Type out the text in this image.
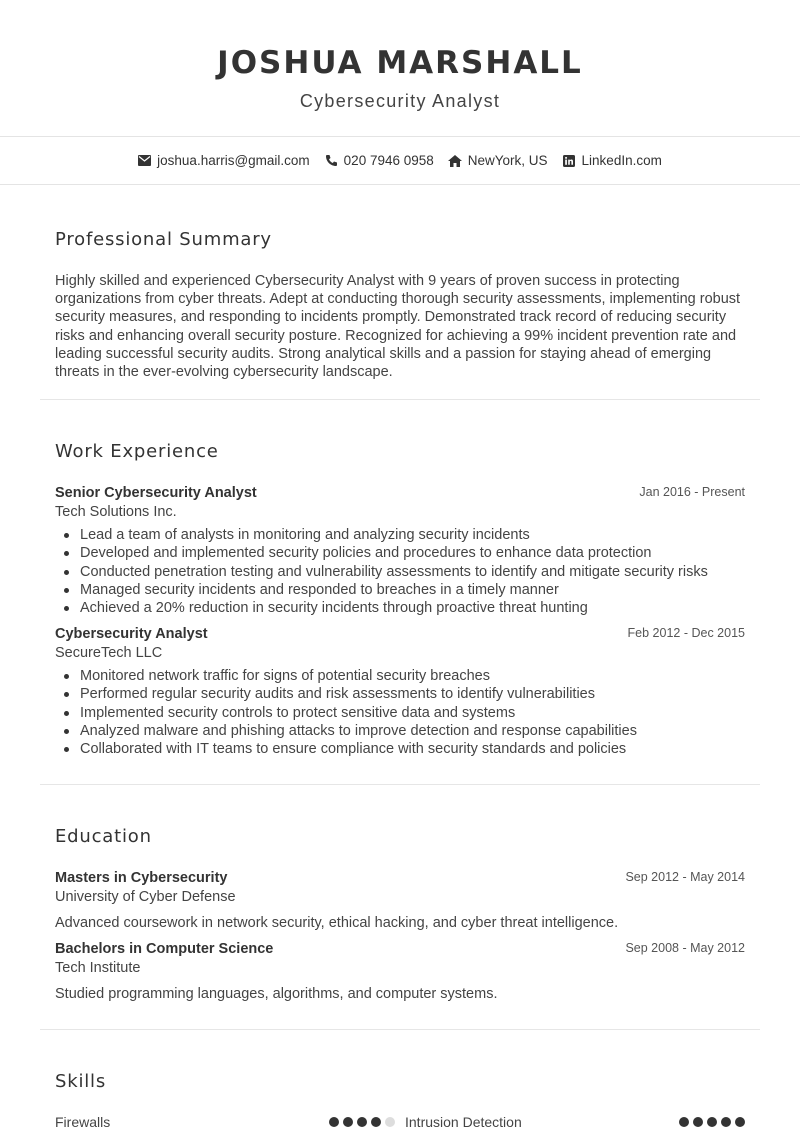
JOSHUA MARSHALL
Cybersecurity Analyst
joshua.harris@gmail.com	020 7946 0958	NewYork, US	LinkedIn.com
Professional Summary

Highly skilled and experienced Cybersecurity Analyst with 9 years of proven success in protecting organizations from cyber threats. Adept at conducting thorough security assessments, implementing robust security measures, and responding to incidents promptly. Demonstrated track record of reducing security risks and enhancing overall security posture. Recognized for achieving a 99% incident prevention rate and leading successful security audits. Strong analytical skills and a passion for staying ahead of emerging threats in the ever-evolving cybersecurity landscape.

Work Experience
Senior Cybersecurity Analyst	Jan 2016 - Present
Tech Solutions Inc.
Lead a team of analysts in monitoring and analyzing security incidents
Developed and implemented security policies and procedures to enhance data protection
Conducted penetration testing and vulnerability assessments to identify and mitigate security risks
Managed security incidents and responded to breaches in a timely manner
Achieved a 20% reduction in security incidents through proactive threat hunting
Cybersecurity Analyst	Feb 2012 - Dec 2015
SecureTech LLC
Monitored network traffic for signs of potential security breaches
Performed regular security audits and risk assessments to identify vulnerabilities
Implemented security controls to protect sensitive data and systems
Analyzed malware and phishing attacks to improve detection and response capabilities
Collaborated with IT teams to ensure compliance with security standards and policies
Education
Masters in Cybersecurity	Sep 2012 - May 2014
University of Cyber Defense
Advanced coursework in network security, ethical hacking, and cyber threat intelligence.
Bachelors in Computer Science	Sep 2008 - May 2012
Tech Institute
Studied programming languages, algorithms, and computer systems.
Skills
Firewalls	Intrusion Detection
